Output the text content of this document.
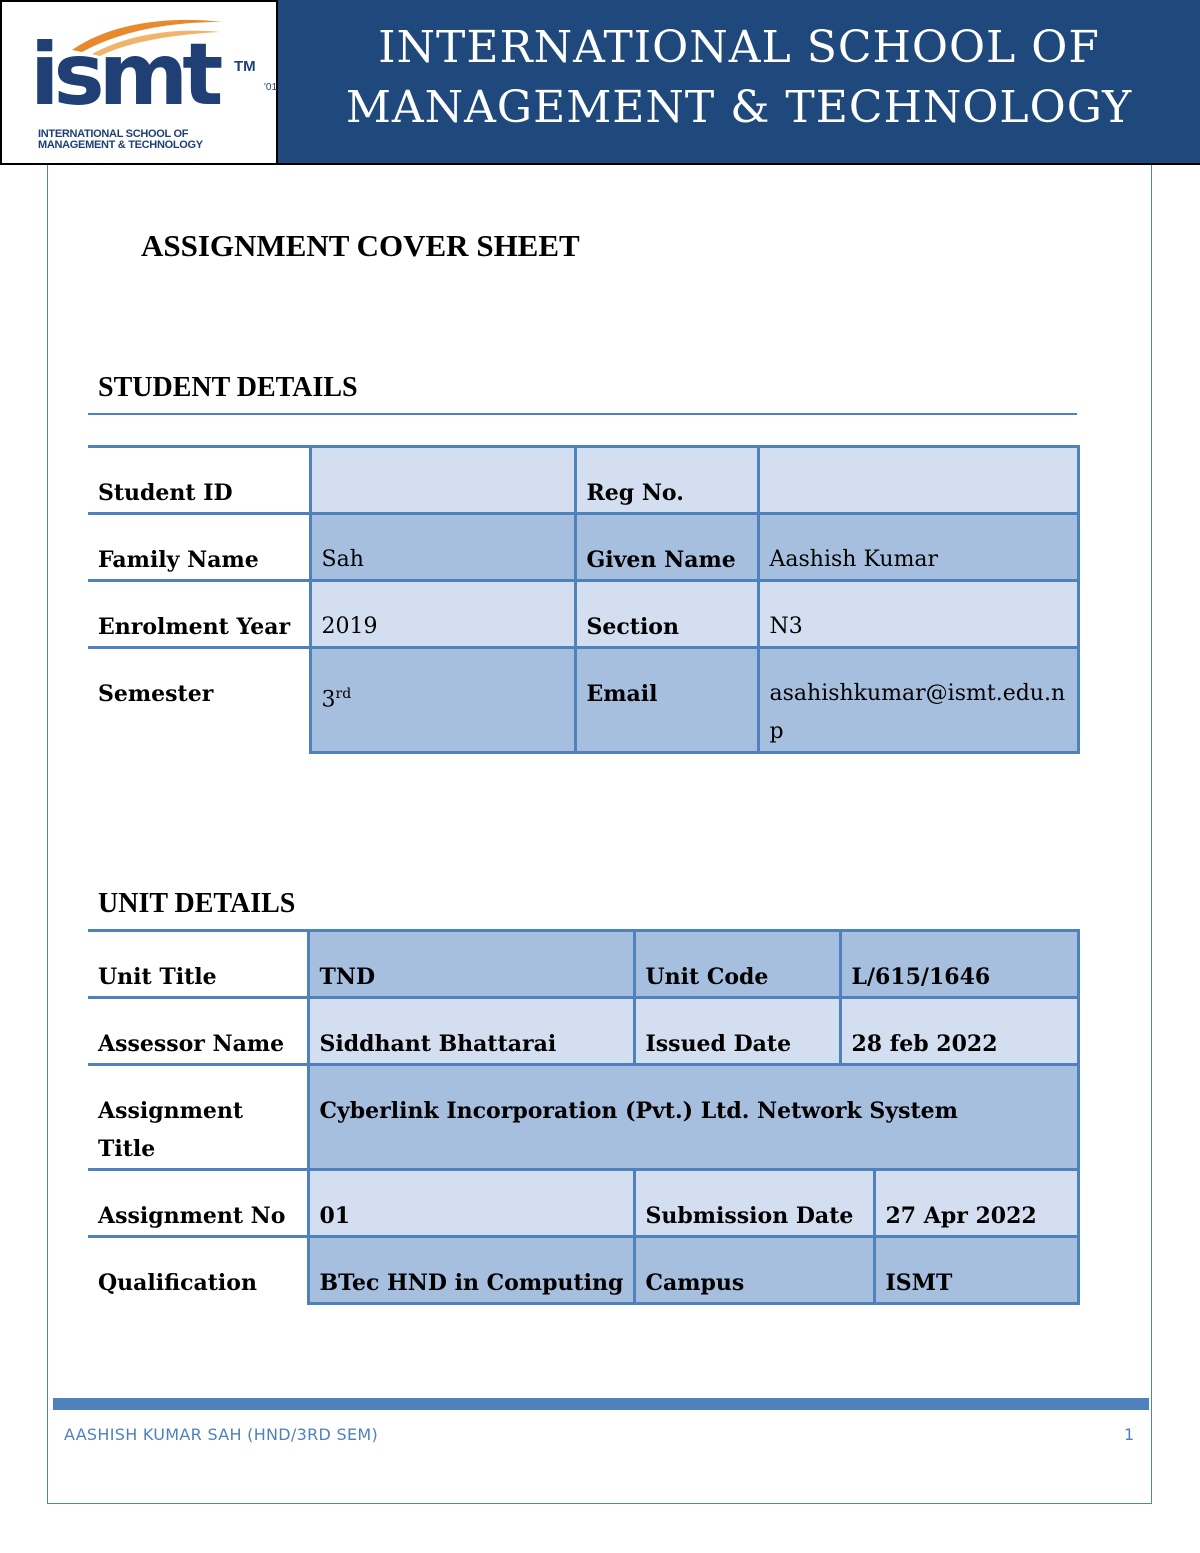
ismt TM
'01
INTERNATIONAL SCHOOL OF
MANAGEMENT & TECHNOLOGY
INTERNATIONAL SCHOOL OF
MANAGEMENT & TECHNOLOGY
ASSIGNMENT COVER SHEET
STUDENT DETAILS
Student ID		Reg No.	
Family Name	Sah	Given Name	Aashish Kumar
Enrolment Year	2019	Section	N3
Semester	3rd	Email	asahishkumar@ismt.edu.np
UNIT DETAILS
Unit Title	TND	Unit Code	L/615/1646	
Assessor Name	Siddhant Bhattarai	Issued Date	28 feb 2022	
Assignment Title	Cyberlink Incorporation (Pvt.) Ltd. Network System			
Assignment No	01	Submission Date		27 Apr 2022
Qualification	BTec HND in Computing	Campus		ISMT
AASHISH KUMAR SAH (HND/3RD SEM)	1
